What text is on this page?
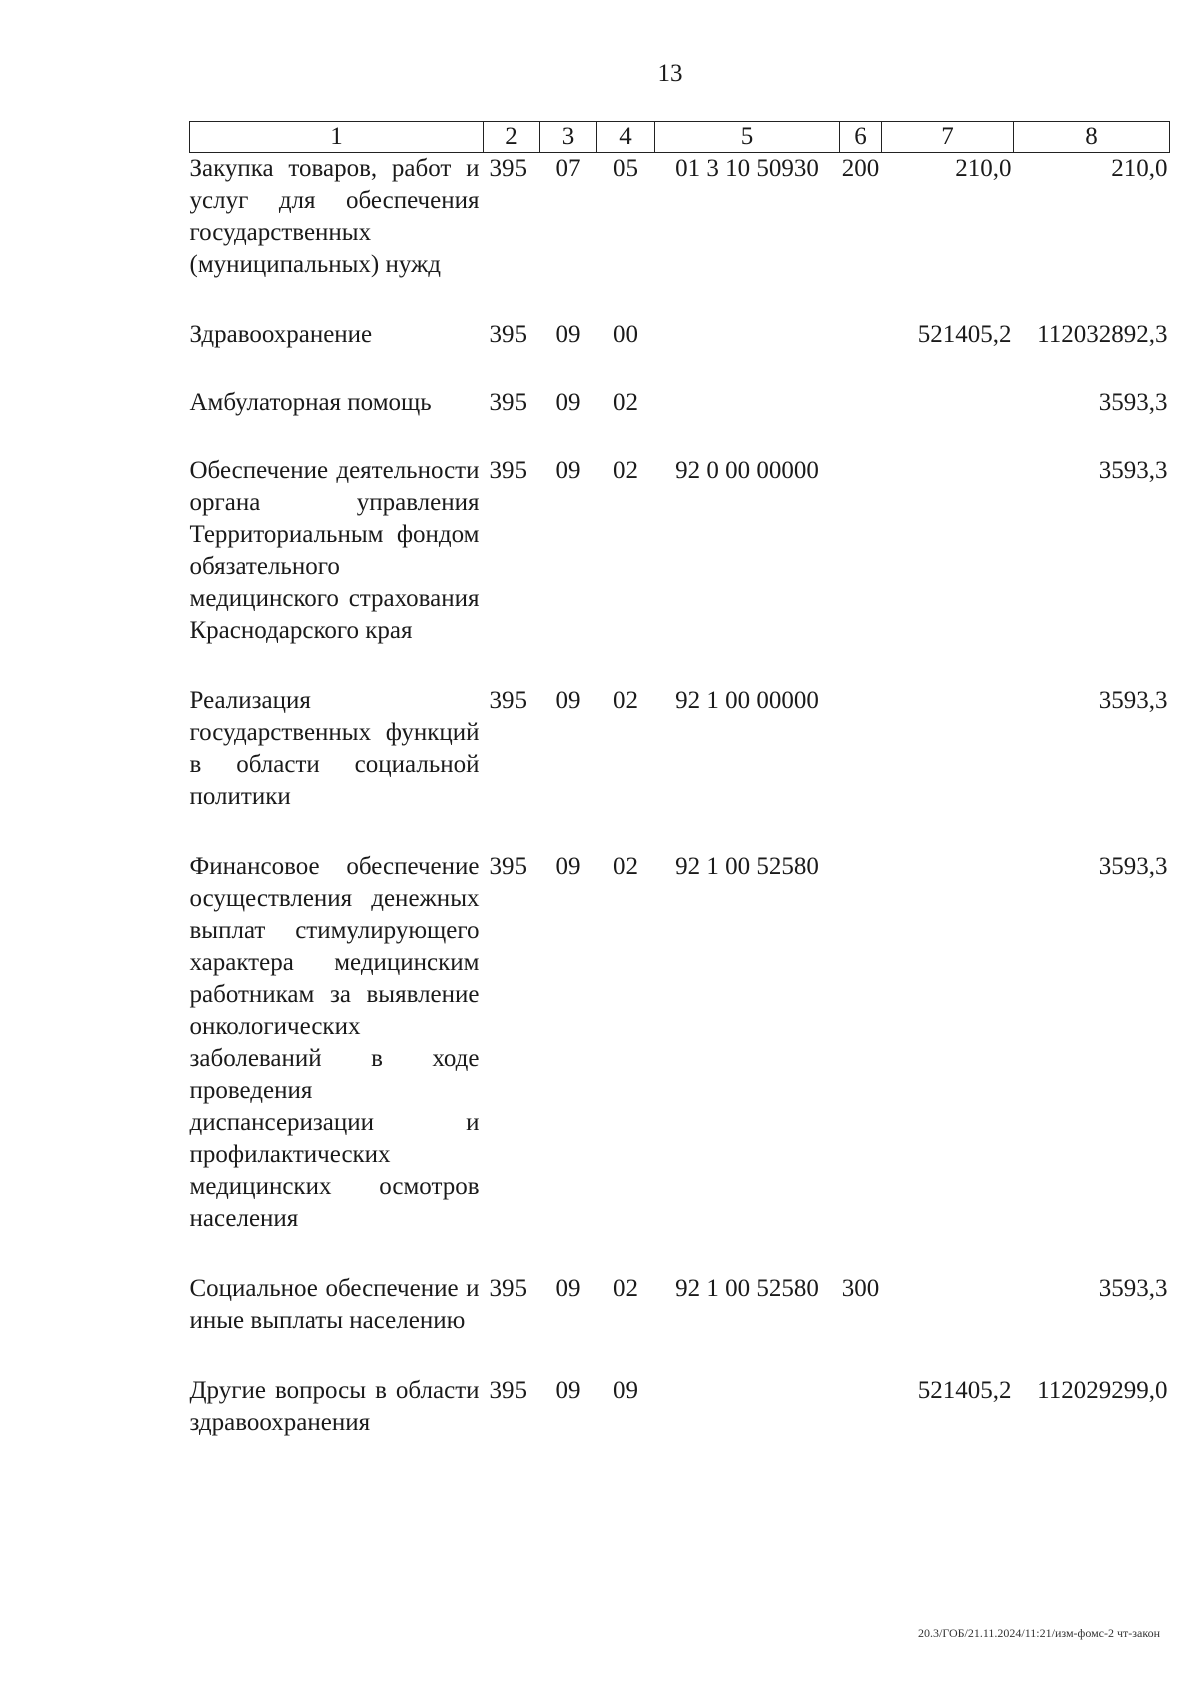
13
1	2	3	4	5	6	7	8
Закупка товаров, работ и услуг для обеспечения государственных (муниципальных) нужд	395	07	05	01 3 10 50930	200	210,0	210,0
Здравоохранение	395	09	00			521405,2	112032892,3
Амбулаторная помощь	395	09	02				3593,3
Обеспечение деятельности органа управления Территориальным фондом обязательного медицинского страхования Краснодарского края	395	09	02	92 0 00 00000			3593,3
Реализация государственных функций в области социальной политики	395	09	02	92 1 00 00000			3593,3
Финансовое обеспечение осуществления денежных выплат стимулирующего характера медицинским работникам за выявление онкологических заболеваний в ходе проведения диспансеризации и профилактических медицинских осмотров населения	395	09	02	92 1 00 52580			3593,3
Социальное обеспечение и иные выплаты населению	395	09	02	92 1 00 52580	300		3593,3
Другие вопросы в области здравоохранения	395	09	09			521405,2	112029299,0
20.3/ГОБ/21.11.2024/11:21/изм-фомс-2 чт-закон
